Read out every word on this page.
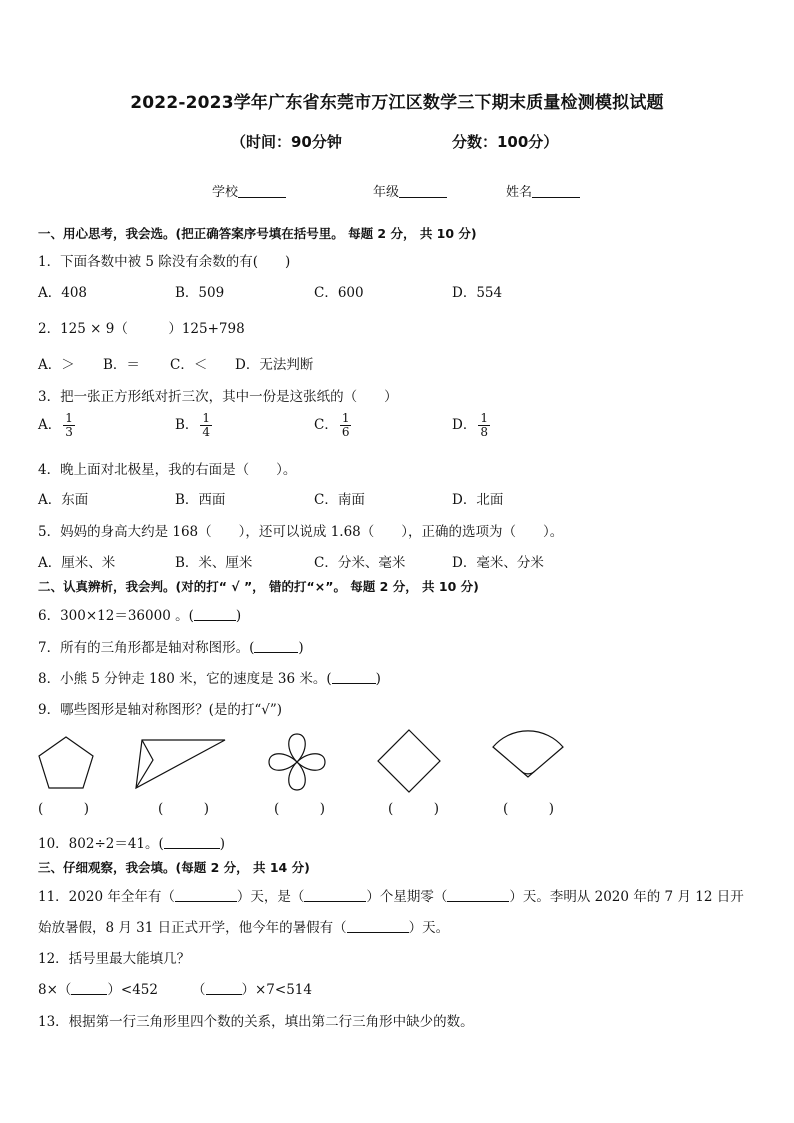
2022-2023学年广东省东莞市万江区数学三下期末质量检测模拟试题
（时间：90分钟	分数：100分）
学校	年级	姓名
一、用心思考，我会选。(把正确答案序号填在括号里。 每题 2 分， 共 10 分)
1．下面各数中被 5 除没有余数的有(　　)
A．408	B．509	C．600	D．554
2．125 × 9（　　　）125+798
A．＞ B．＝ C．＜ D．无法判断
3．把一张正方形纸对折三次，其中一份是这张纸的（　　）
A． $\frac{1}{3}$	B． $\frac{1}{4}$	C． $\frac{1}{6}$	D． $\frac{1}{8}$
4．晚上面对北极星，我的右面是（　　）。
A．东面	B．西面	C．南面	D．北面
5．妈妈的身高大约是 168（　　），还可以说成 1.68（　　），正确的选项为（　　）。
A．厘米、米	B．米、厘米	C．分米、毫米	D．毫米、分米
二、认真辨析，我会判。(对的打“ √ ”， 错的打“×”。 每题 2 分， 共 10 分)
6．300×12＝36000 。(	)
7．所有的三角形都是轴对称图形。(	)
8．小熊 5 分钟走 180 米，它的速度是 36 米。(	)
9．哪些图形是轴对称图形？(是的打“√”)
(　　　)	(　　　)	(　　　)	(　　　)	(　　　)
10．802÷2＝41。(	)
三、仔细观察，我会填。(每题 2 分， 共 14 分)
11．2020 年全年有（	）天，是（	）个星期零（	）天。李明从 2020 年的 7 月 12 日开
始放暑假，8 月 31 日正式开学，他今年的暑假有（	）天。
12．括号里最大能填几？
8×（	）<452	（	）×7<514
13．根据第一行三角形里四个数的关系，填出第二行三角形中缺少的数。
